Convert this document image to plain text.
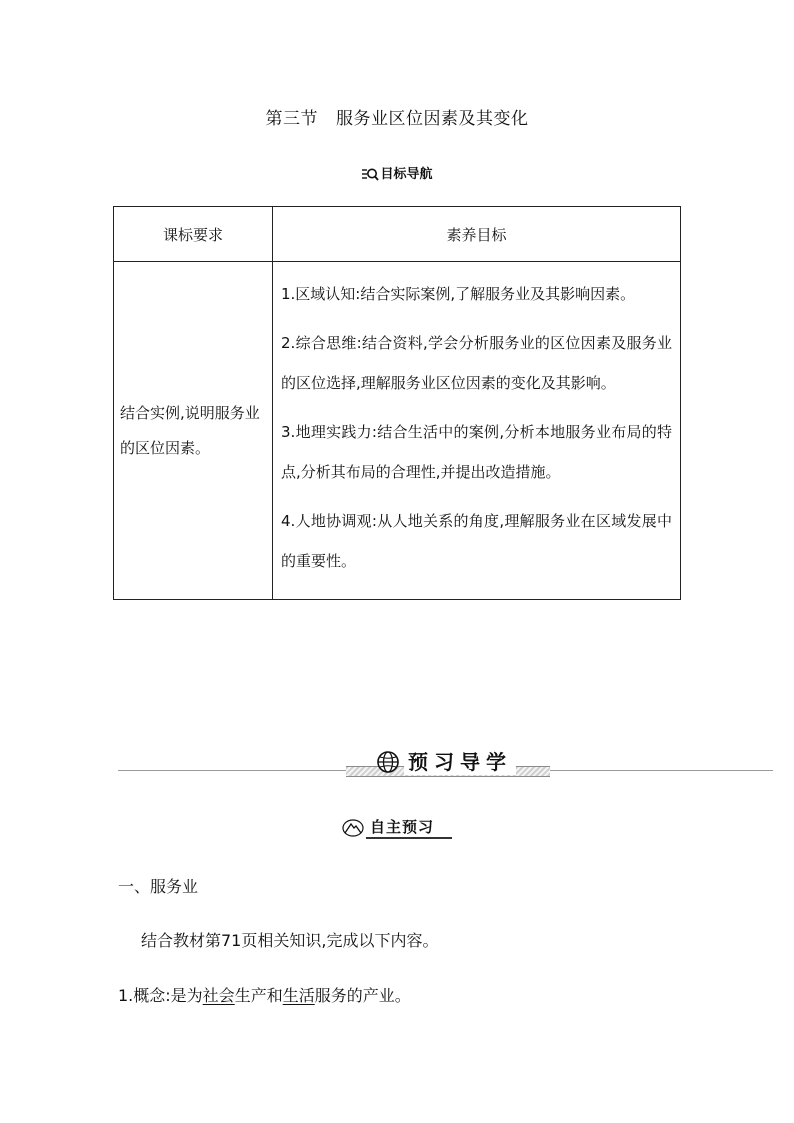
第三节 服务业区位因素及其变化
目标导航
课标要求	素养目标
结合实例,说明服务业的区位因素。	1.区域认知:结合实际案例,了解服务业及其影响因素。
2.综合思维:结合资料,学会分析服务业的区位因素及服务业的区位选择,理解服务业区位因素的变化及其影响。
3.地理实践力:结合生活中的案例,分析本地服务业布局的特点,分析其布局的合理性,并提出改造措施。
4.人地协调观:从人地关系的角度,理解服务业在区域发展中的重要性。
预习导学
自主预习
一、服务业
结合教材第71页相关知识,完成以下内容。
1.概念:是为社会生产和生活服务的产业。
